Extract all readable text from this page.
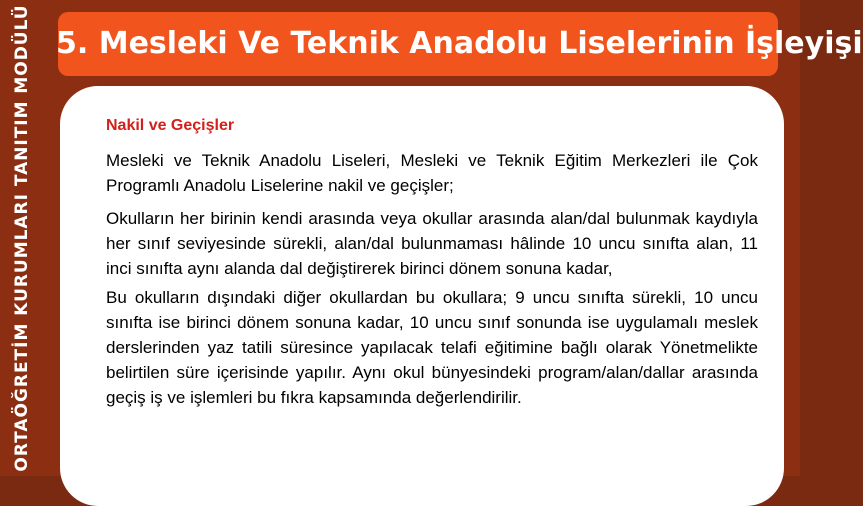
ORTAÖĞRETİM KURUMLARI TANITIM MODÜLÜ 5. Mesleki Ve Teknik Anadolu Liselerinin İşleyişi
Nakil ve Geçişler

Mesleki ve Teknik Anadolu Liseleri, Mesleki ve Teknik Eğitim Merkezleri ile Çok Programlı Anadolu Liselerine nakil ve geçişler;

Okulların her birinin kendi arasında veya okullar arasında alan/dal bulunmak kaydıyla her sınıf seviyesinde sürekli, alan/dal bulunmaması hâlinde 10 uncu sınıfta alan, 11 inci sınıfta aynı alanda dal değiştirerek birinci dönem sonuna kadar,

Bu okulların dışındaki diğer okullardan bu okullara; 9 uncu sınıfta sürekli, 10 uncu sınıfta ise birinci dönem sonuna kadar, 10 uncu sınıf sonunda ise uygulamalı meslek derslerinden yaz tatili süresince yapılacak telafi eğitimine bağlı olarak Yönetmelikte belirtilen süre içerisinde yapılır. Aynı okul bünyesindeki program/alan/dallar arasında geçiş iş ve işlemleri bu fıkra kapsamında değerlendirilir.
